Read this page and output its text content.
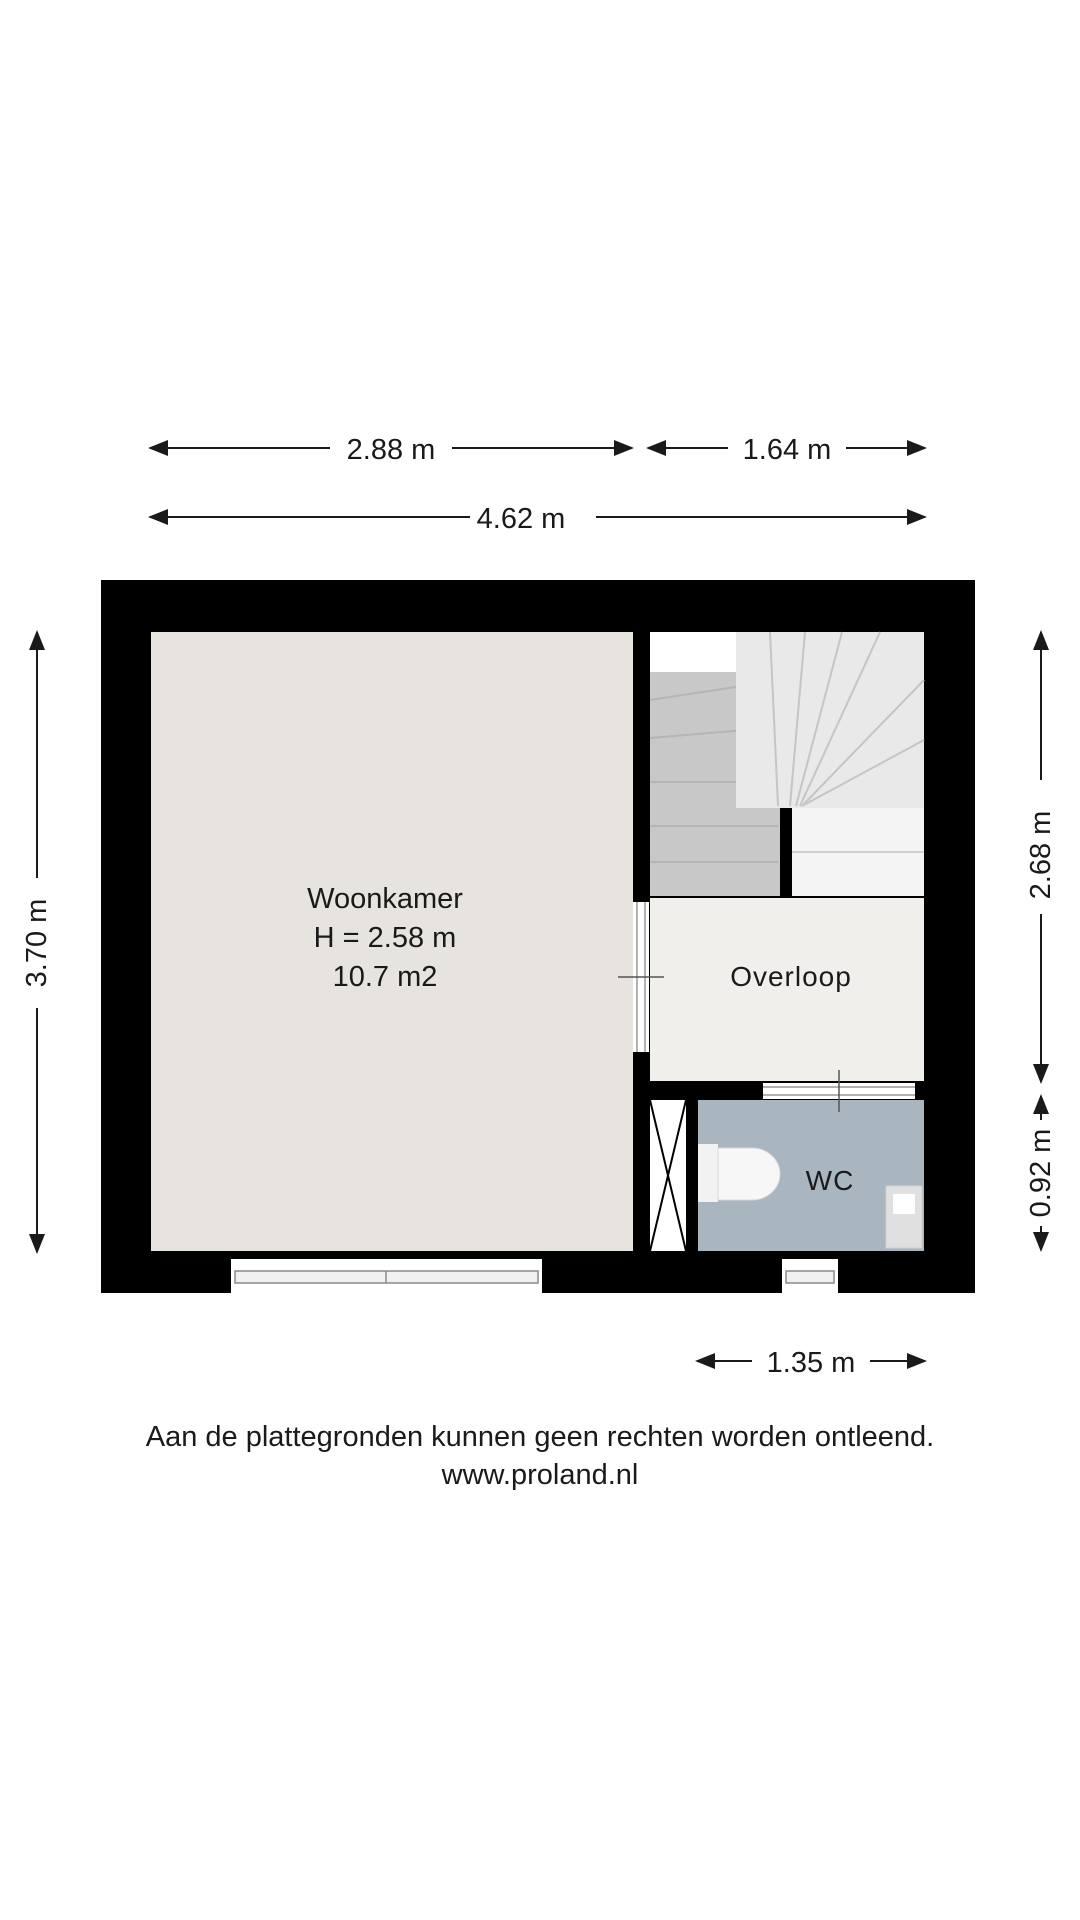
2.88 m	1.64 m
4.62 m
3.70 m
2.68 m
0.92 m
1.35 m
Woonkamer
H = 2.58 m
10.7 m2	Overloop
WC
Aan de plattegronden kunnen geen rechten worden ontleend.
www.proland.nl
